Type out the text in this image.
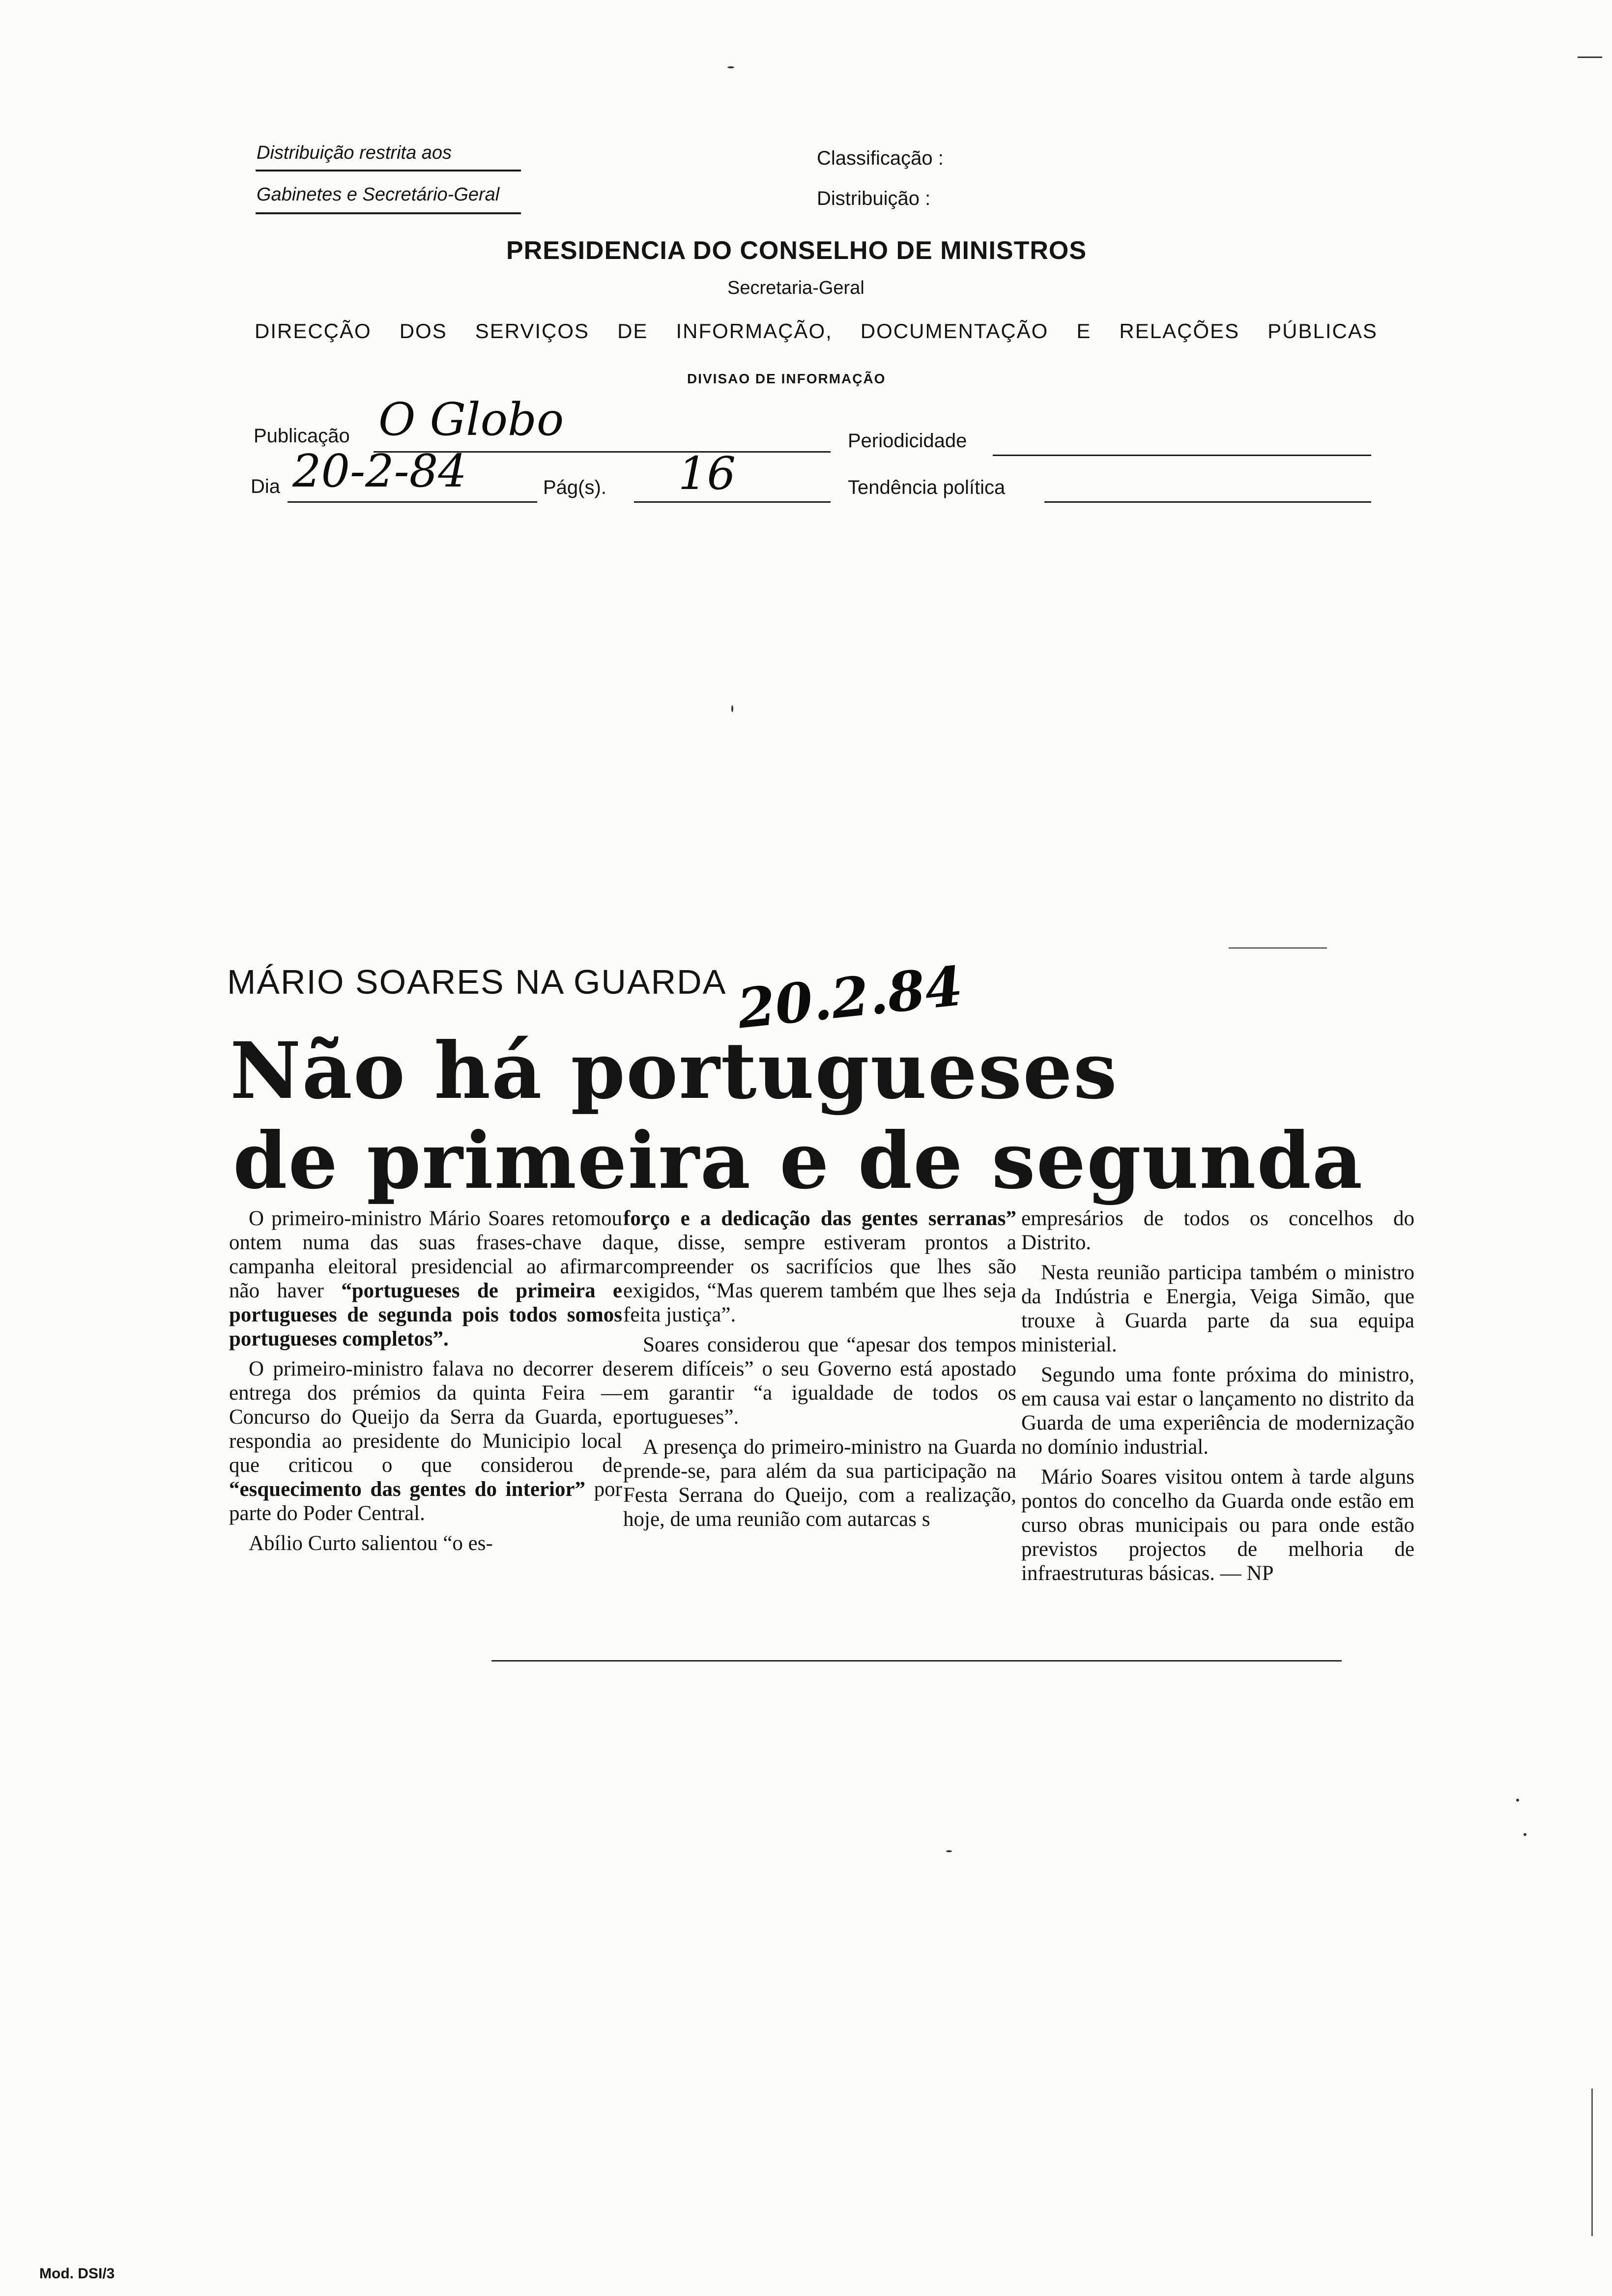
Distribuição restrita aos
Gabinetes e Secretário-Geral
Classificação :
Distribuição :
PRESIDENCIA DO CONSELHO DE MINISTROS
Secretaria-Geral
DIRECÇÃO DOS SERVIÇOS DE INFORMAÇÃO, DOCUMENTAÇÃO E RELAÇÕES PÚBLICAS
DIVISAO DE INFORMAÇÃO
Publicação O Globo	Periodicidade
Dia 20-2-84	Pág(s). 16	Tendência política
MÁRIO SOARES NA GUARDA 20.2.84
Não há portugueses
de primeira e de segunda

O primeiro-ministro Mário Soares retomou ontem numa das suas frases-chave da campanha eleitoral presidencial ao afirmar não haver “portugueses de primeira e portugueses de segunda pois todos somos portugueses completos”.

O primeiro-ministro falava no decorrer de entrega dos prémios da quinta Feira — Concurso do Queijo da Serra da Guarda, e respondia ao presidente do Municipio local que criticou o que considerou de “esquecimento das gentes do interior” por parte do Poder Central.

Abílio Curto salientou “o es-

forço e a dedicação das gentes serranas” que, disse, sempre estiveram prontos a compreender os sacrifícios que lhes são exigidos, “Mas querem também que lhes seja feita justiça”.

Soares considerou que “apesar dos tempos serem difíceis” o seu Governo está apostado em garantir “a igualdade de todos os portugueses”.

A presença do primeiro-ministro na Guarda prende-se, para além da sua participação na Festa Serrana do Queijo, com a realização, hoje, de uma reunião com autarcas s

empresários de todos os concelhos do Distrito.

Nesta reunião participa também o ministro da Indústria e Energia, Veiga Simão, que trouxe à Guarda parte da sua equipa ministerial.

Segundo uma fonte próxima do ministro, em causa vai estar o lançamento no distrito da Guarda de uma experiência de modernização no domínio industrial.

Mário Soares visitou ontem à tarde alguns pontos do concelho da Guarda onde estão em curso obras municipais ou para onde estão previstos projectos de melhoria de infraestruturas básicas. — NP

Mod. DSI/3
